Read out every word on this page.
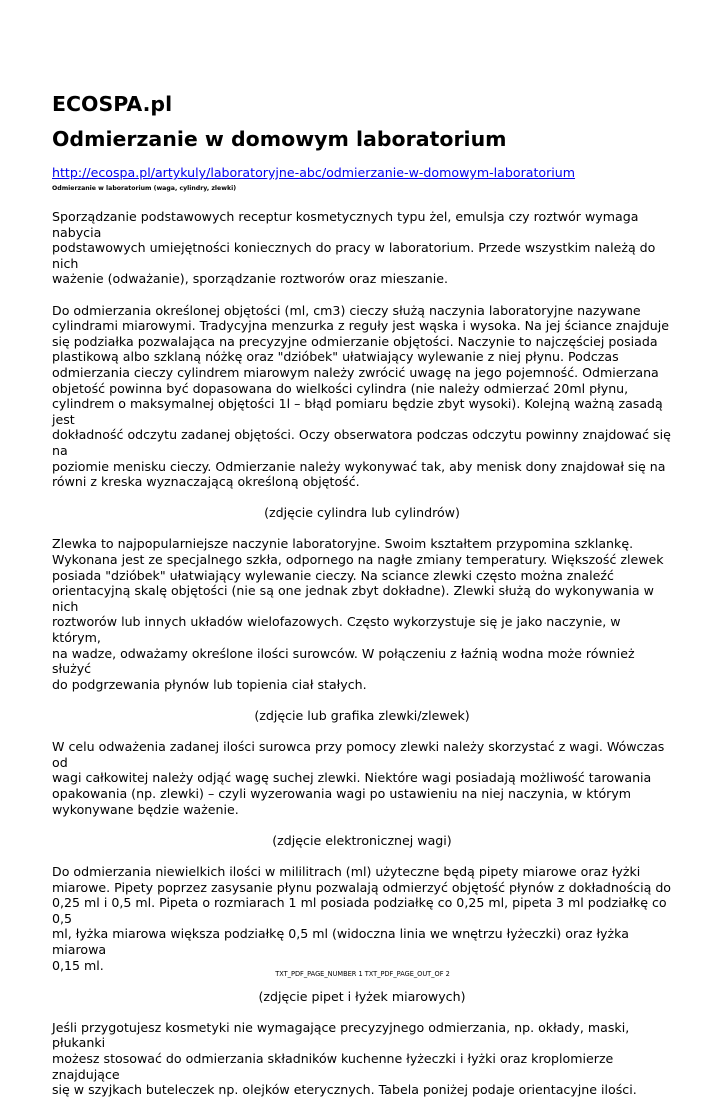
ECOSPA.pl
Odmierzanie w domowym laboratorium
http://ecospa.pl/artykuly/laboratoryjne-abc/odmierzanie-w-domowym-laboratorium
Odmierzanie w laboratorium (waga, cylindry, zlewki)

Sporządzanie podstawowych receptur kosmetycznych typu żel, emulsja czy roztwór wymaga nabycia
podstawowych umiejętności koniecznych do pracy w laboratorium. Przede wszystkim należą do nich
ważenie (odważanie), sporządzanie roztworów oraz mieszanie.

Do odmierzania określonej objętości (ml, cm3) cieczy służą naczynia laboratoryjne nazywane
cylindrami miarowymi. Tradycyjna menzurka z reguły jest wąska i wysoka. Na jej ściance znajduje
się podziałka pozwalająca na precyzyjne odmierzanie objętości. Naczynie to najczęściej posiada
plastikową albo szklaną nóżkę oraz "dzióbek" ułatwiający wylewanie z niej płynu. Podczas
odmierzania cieczy cylindrem miarowym należy zwrócić uwagę na jego pojemność. Odmierzana
objetość powinna być dopasowana do wielkości cylindra (nie należy odmierzać 20ml płynu,
cylindrem o maksymalnej objętości 1l – błąd pomiaru będzie zbyt wysoki). Kolejną ważną zasadą jest
dokładność odczytu zadanej objętości. Oczy obserwatora podczas odczytu powinny znajdować się na
poziomie menisku cieczy. Odmierzanie należy wykonywać tak, aby menisk dony znajdował się na
równi z kreska wyznaczającą określoną objętość.

(zdjęcie cylindra lub cylindrów)

Zlewka to najpopularniejsze naczynie laboratoryjne. Swoim kształtem przypomina szklankę.
Wykonana jest ze specjalnego szkła, odpornego na nagłe zmiany temperatury. Większość zlewek
posiada "dzióbek" ułatwiający wylewanie cieczy. Na sciance zlewki często można znaleźć
orientacyjną skalę objętości (nie są one jednak zbyt dokładne). Zlewki służą do wykonywania w nich
roztworów lub innych układów wielofazowych. Często wykorzystuje się je jako naczynie, w którym,
na wadze, odważamy określone ilości surowców. W połączeniu z łaźnią wodna może również służyć
do podgrzewania płynów lub topienia ciał stałych.

(zdjęcie lub grafika zlewki/zlewek)

W celu odważenia zadanej ilości surowca przy pomocy zlewki należy skorzystać z wagi. Wówczas od
wagi całkowitej należy odjąć wagę suchej zlewki. Niektóre wagi posiadają możliwość tarowania
opakowania (np. zlewki) – czyli wyzerowania wagi po ustawieniu na niej naczynia, w którym
wykonywane będzie ważenie.

(zdjęcie elektronicznej wagi)

Do odmierzania niewielkich ilości w mililitrach (ml) użyteczne będą pipety miarowe oraz łyżki
miarowe. Pipety poprzez zasysanie płynu pozwalają odmierzyć objętość płynów z dokładnością do
0,25 ml i 0,5 ml. Pipeta o rozmiarach 1 ml posiada podziałkę co 0,25 ml, pipeta 3 ml podziałkę co 0,5
ml, łyżka miarowa większa podziałkę 0,5 ml (widoczna linia we wnętrzu łyżeczki) oraz łyżka miarowa
0,15 ml.

(zdjęcie pipet i łyżek miarowych)

Jeśli przygotujesz kosmetyki nie wymagające precyzyjnego odmierzania, np. okłady, maski, płukanki
możesz stosować do odmierzania składników kuchenne łyżeczki i łyżki oraz kroplomierze znajdujące
się w szyjkach buteleczek np. olejków eterycznych. Tabela poniżej podaje orientacyjne ilości.

TXT_PDF_PAGE_NUMBER 1 TXT_PDF_PAGE_OUT_OF 2
